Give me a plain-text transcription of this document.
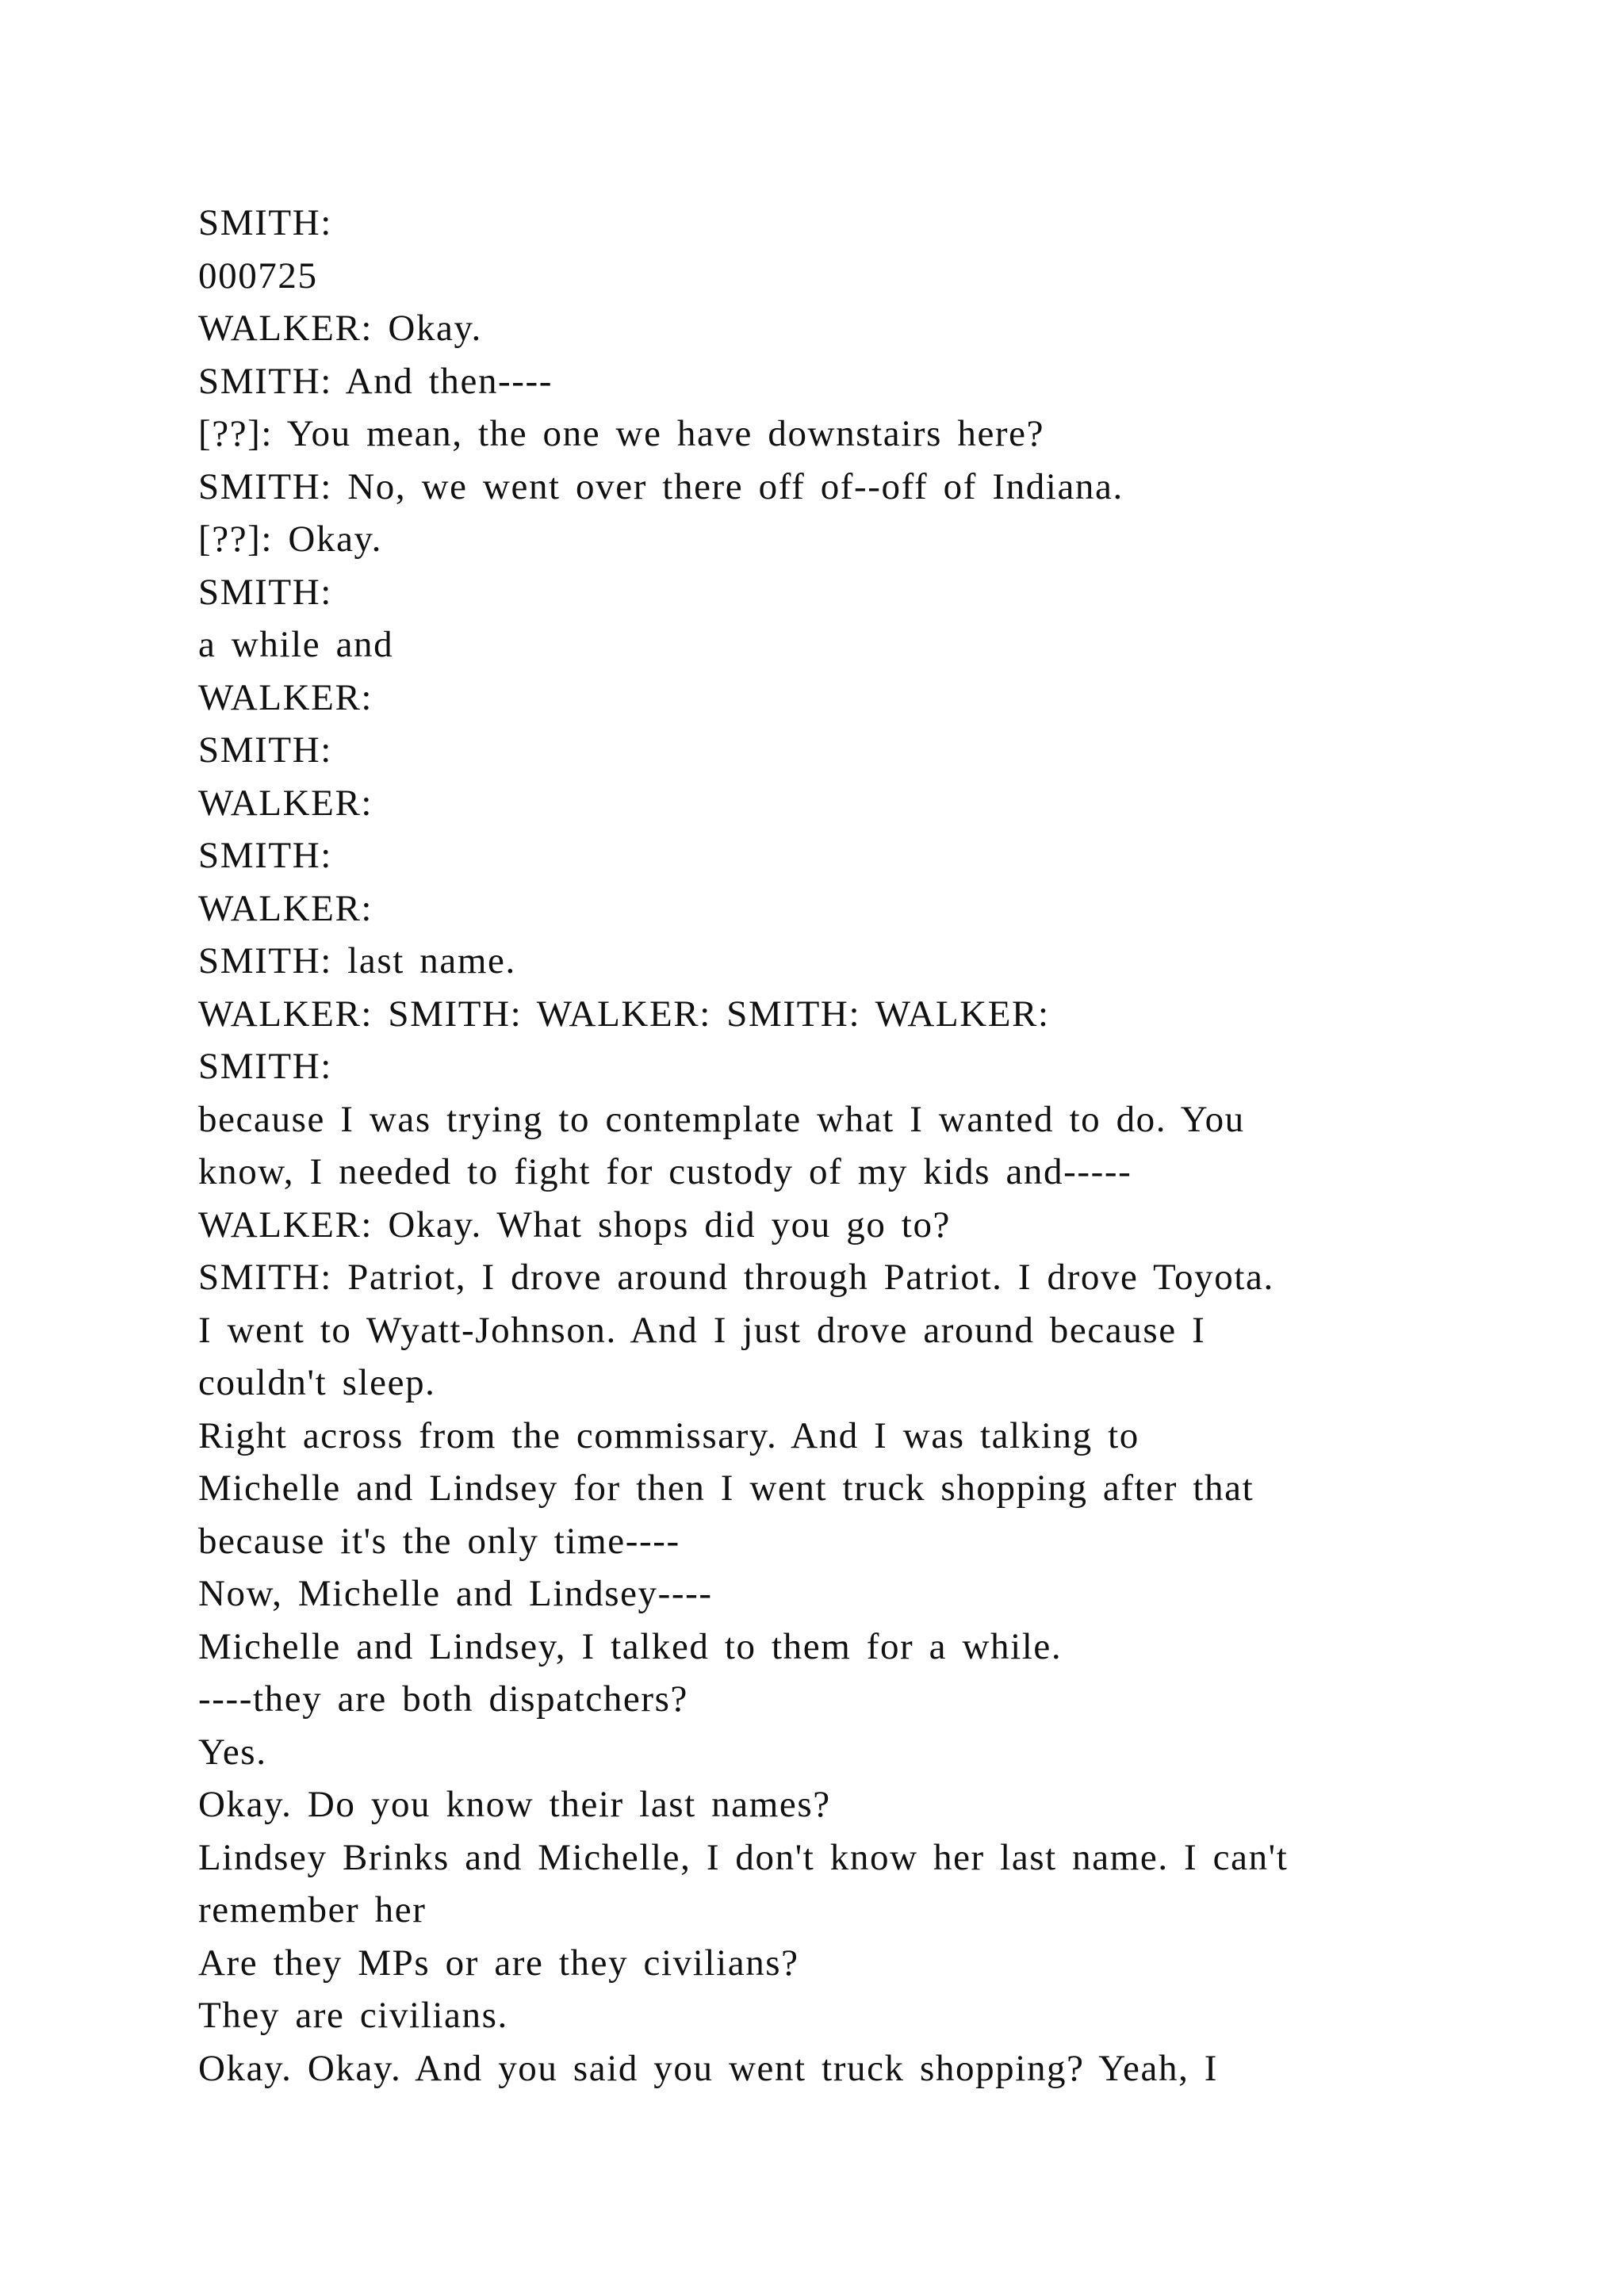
SMITH:
000725
WALKER: Okay.
SMITH: And then----
[??]: You mean, the one we have downstairs here?
SMITH: No, we went over there off of--off of Indiana.
[??]: Okay.
SMITH:
a while and
WALKER:
SMITH:
WALKER:
SMITH:
WALKER:
SMITH: last name.
WALKER: SMITH: WALKER: SMITH: WALKER:
SMITH:
because I was trying to contemplate what I wanted to do. You
know, I needed to fight for custody of my kids and-----
WALKER: Okay. What shops did you go to?
SMITH: Patriot, I drove around through Patriot. I drove Toyota.
I went to Wyatt-Johnson. And I just drove around because I
couldn't sleep.
Right across from the commissary. And I was talking to
Michelle and Lindsey for then I went truck shopping after that
because it's the only time----
Now, Michelle and Lindsey----
Michelle and Lindsey, I talked to them for a while.
----they are both dispatchers?
Yes.
Okay. Do you know their last names?
Lindsey Brinks and Michelle, I don't know her last name. I can't
remember her
Are they MPs or are they civilians?
They are civilians.
Okay. Okay. And you said you went truck shopping? Yeah, I
